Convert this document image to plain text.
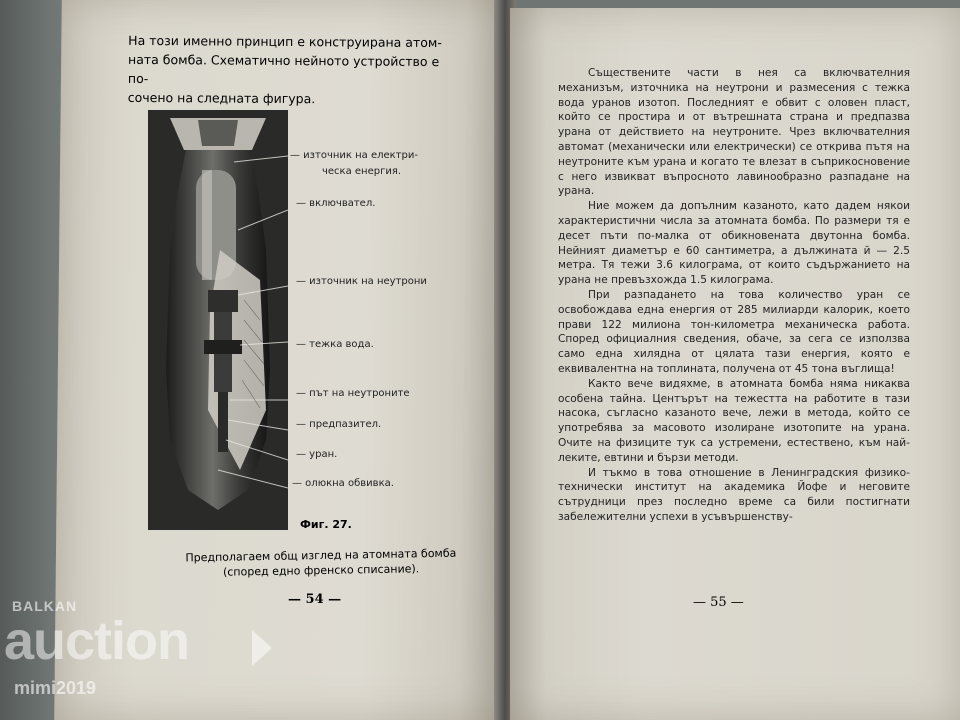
На този именно принцип е конструирана атом-

ната бомба. Схематично нейното устройство е по-

сочено на следната фигура.

— източник на електри-
ческа енергия.
— включвател.
— източник на неутрони
— тежка вода.
— път на неутроните
— предпазител.
— уран.
— олюкна обвивка.
Фиг. 27.
Предполагаем общ изглед на атомната бомба
(според едно френско списание).
— 54 —

Съществените части в нея са включвателния механизъм, източника на неутрони и размесения с тежка вода уранов изотоп. Последният е обвит с оловен пласт, който се простира и от вътрешната страна и предпазва урана от действието на неутроните. Чрез включвателния автомат (механически или електрически) се открива пътя на неутроните към урана и когато те влезат в съприкосновение с него извикват въпросното лавинообразно разпадане на урана.

Ние можем да допълним казаното, като дадем някои характеристични числа за атомната бомба. По размери тя е десет пъти по-малка от обикновената двутонна бомба. Нейният диаметър е 60 сантиметра, а дължината й — 2.5 метра. Тя тежи 3.6 килограма, от които съдържанието на урана не превъзхожда 1.5 килограма.

При разпадането на това количество уран се освобождава една енергия от 285 милиарди калорик, което прави 122 милиона тон-километра механическа работа. Според официалния сведения, обаче, за сега се използва само една хилядна от цялата тази енергия, която е еквивалентна на топлината, получена от 45 тона въглища!

Както вече видяхме, в атомната бомба няма никаква особена тайна. Центърът на тежестта на работите в тази насока, съгласно казаното вече, лежи в метода, който се употребява за масовото изолиране изотопите на урана. Очите на физиците тук са устремени, естествено, към най-леките, евтини и бързи методи.

И тъкмо в това отношение в Ленинградския физико-технически институт на академика Йофе и неговите сътрудници през последно време са били постигнати забележителни успехи в усъвършенству-

— 55 —
BALKAN
auction
mimi2019
